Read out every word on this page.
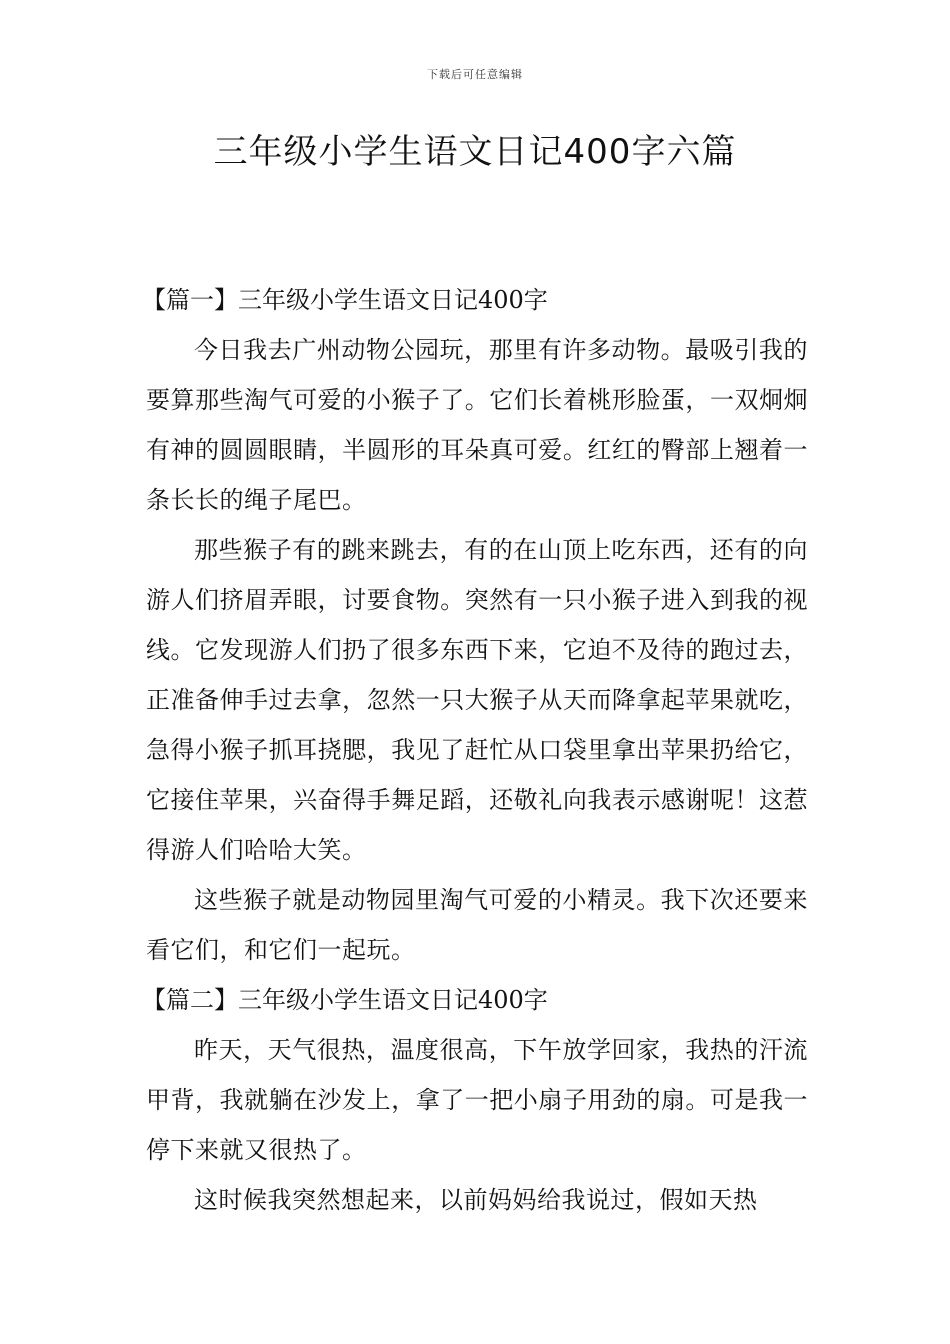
下载后可任意编辑
三年级小学生语文日记400字六篇
【篇一】三年级小学生语文日记400字

今日我去广州动物公园玩，那里有许多动物。最吸引我的要算那些淘气可爱的小猴子了。它们长着桃形脸蛋，一双炯炯有神的圆圆眼睛，半圆形的耳朵真可爱。红红的臀部上翘着一条长长的绳子尾巴。

那些猴子有的跳来跳去，有的在山顶上吃东西，还有的向游人们挤眉弄眼，讨要食物。突然有一只小猴子进入到我的视线。它发现游人们扔了很多东西下来，它迫不及待的跑过去，正准备伸手过去拿，忽然一只大猴子从天而降拿起苹果就吃，急得小猴子抓耳挠腮，我见了赶忙从口袋里拿出苹果扔给它，它接住苹果，兴奋得手舞足蹈，还敬礼向我表示感谢呢！这惹得游人们哈哈大笑。

这些猴子就是动物园里淘气可爱的小精灵。我下次还要来看它们，和它们一起玩。

【篇二】三年级小学生语文日记400字

昨天，天气很热，温度很高，下午放学回家，我热的汗流甲背，我就躺在沙发上，拿了一把小扇子用劲的扇。可是我一停下来就又很热了。

这时候我突然想起来，以前妈妈给我说过，假如天热
